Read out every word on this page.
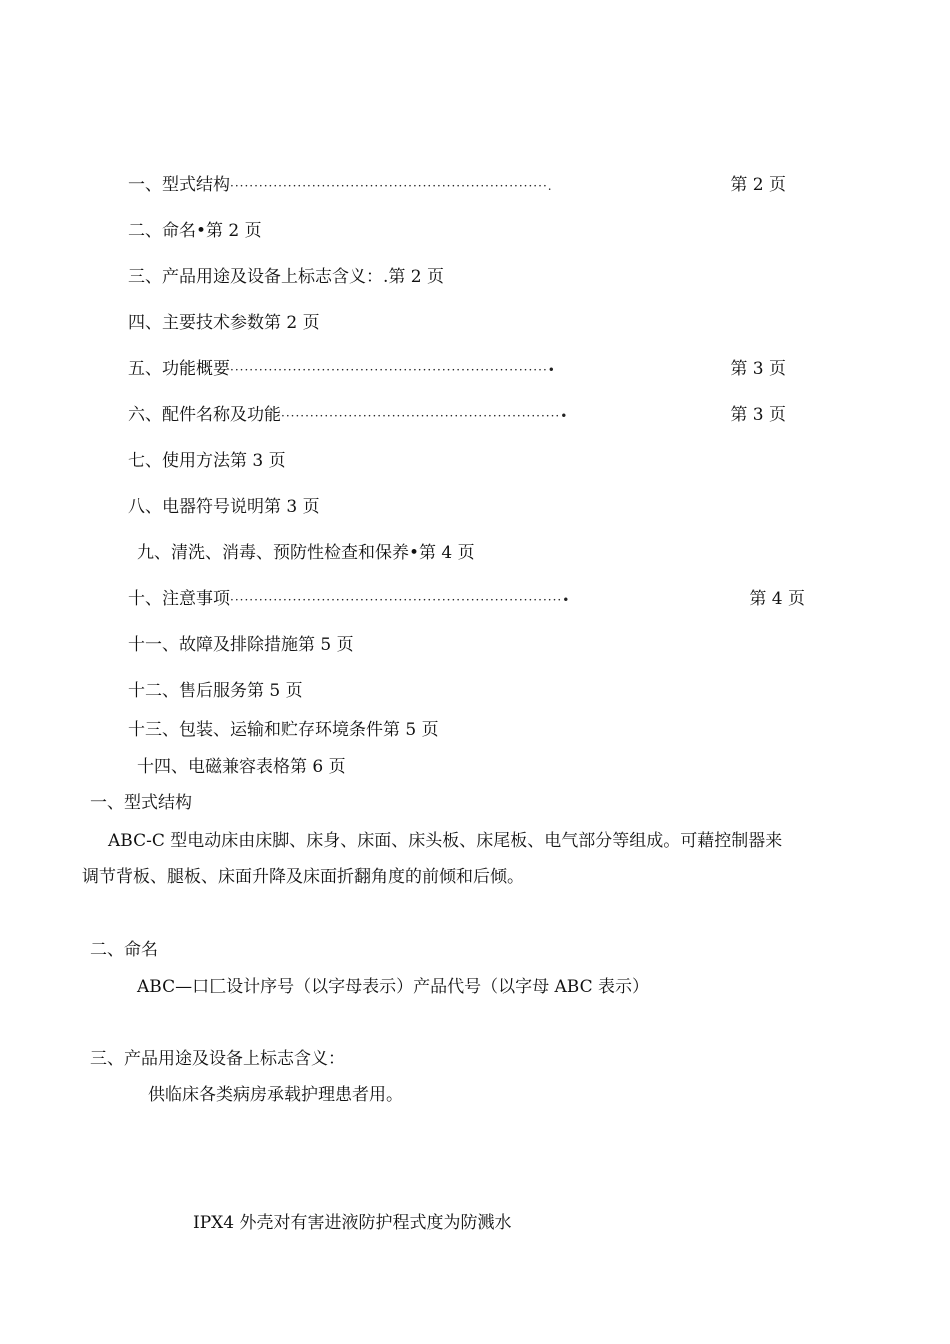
一、型式结构 ··································································.	第 2 页
二、命名•第 2 页
三、产品用途及设备上标志含义：.第 2 页
四、主要技术参数第 2 页
五、功能概要 ··································································•	第 3 页
六、配件名称及功能 ··························································•	第 3 页
七、使用方法第 3 页
八、电器符号说明第 3 页
九、清洗、消毒、预防性检查和保养•第 4 页
十、注意事项 ·····································································•	第 4 页
十一、故障及排除措施第 5 页
十二、售后服务第 5 页
十三、包装、运输和贮存环境条件第 5 页
十四、电磁兼容表格第 6 页
一、型式结构
ABC-C 型电动床由床脚、床身、床面、床头板、床尾板、电气部分等组成。可藉控制器来
调节背板、腿板、床面升降及床面折翻角度的前倾和后倾。
二、命名
ABC—口匚设计序号（以字母表示）产品代号（以字母 ABC 表示）
三、产品用途及设备上标志含义：
供临床各类病房承载护理患者用。
IPX4 外壳对有害进液防护程式度为防溅水
